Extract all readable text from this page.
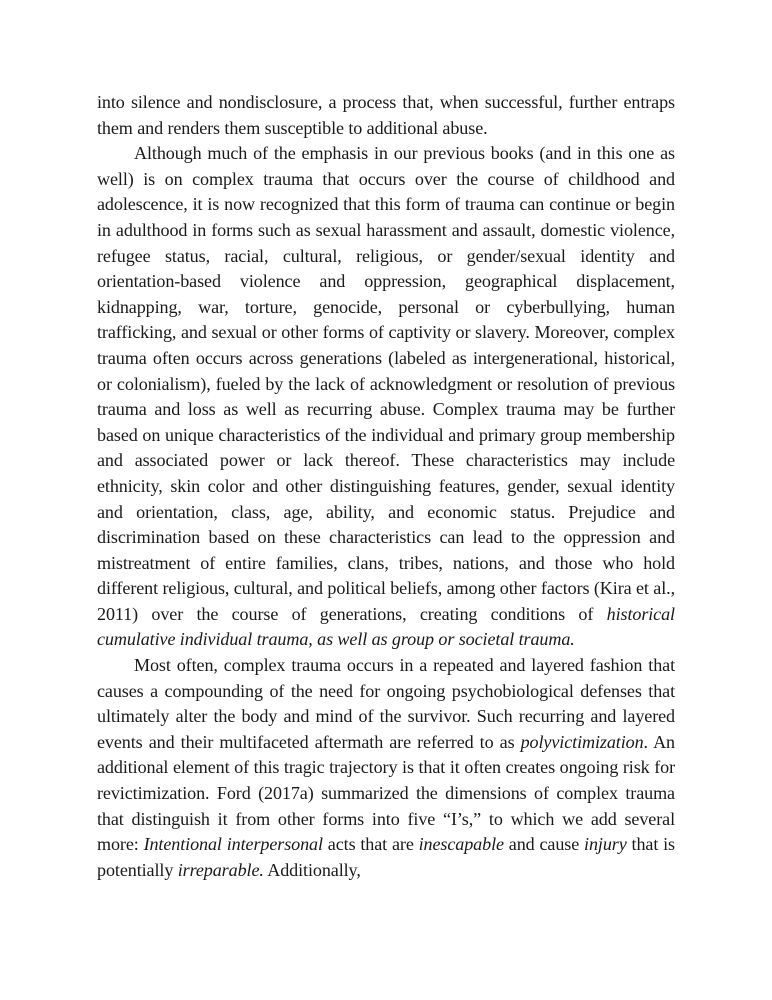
into silence and nondisclosure, a process that, when successful, further entraps them and renders them susceptible to additional abuse.

Although much of the emphasis in our previous books (and in this one as well) is on complex trauma that occurs over the course of childhood and adolescence, it is now recognized that this form of trauma can continue or begin in adulthood in forms such as sexual harassment and assault, domestic violence, refugee status, racial, cultural, religious, or gender/sexual identity and orientation-based violence and oppression, geographical displacement, kidnapping, war, torture, genocide, personal or cyberbullying, human trafficking, and sexual or other forms of captivity or slavery. Moreover, complex trauma often occurs across generations (labeled as intergenerational, historical, or colonialism), fueled by the lack of acknowledgment or resolution of previous trauma and loss as well as recurring abuse. Complex trauma may be further based on unique characteristics of the individual and primary group membership and associated power or lack thereof. These characteristics may include ethnicity, skin color and other distinguishing features, gender, sexual identity and orientation, class, age, ability, and economic status. Prejudice and discrimination based on these characteristics can lead to the oppression and mistreatment of entire families, clans, tribes, nations, and those who hold different religious, cultural, and political beliefs, among other factors (Kira et al., 2011) over the course of generations, creating conditions of historical cumulative individual trauma, as well as group or societal trauma.

Most often, complex trauma occurs in a repeated and layered fashion that causes a compounding of the need for ongoing psychobiological defenses that ultimately alter the body and mind of the survivor. Such recurring and layered events and their multifaceted aftermath are referred to as polyvictimization. An additional element of this tragic trajectory is that it often creates ongoing risk for revictimization. Ford (2017a) summarized the dimensions of complex trauma that distinguish it from other forms into five “I’s,” to which we add several more: Intentional interpersonal acts that are inescapable and cause injury that is potentially irreparable. Additionally,
